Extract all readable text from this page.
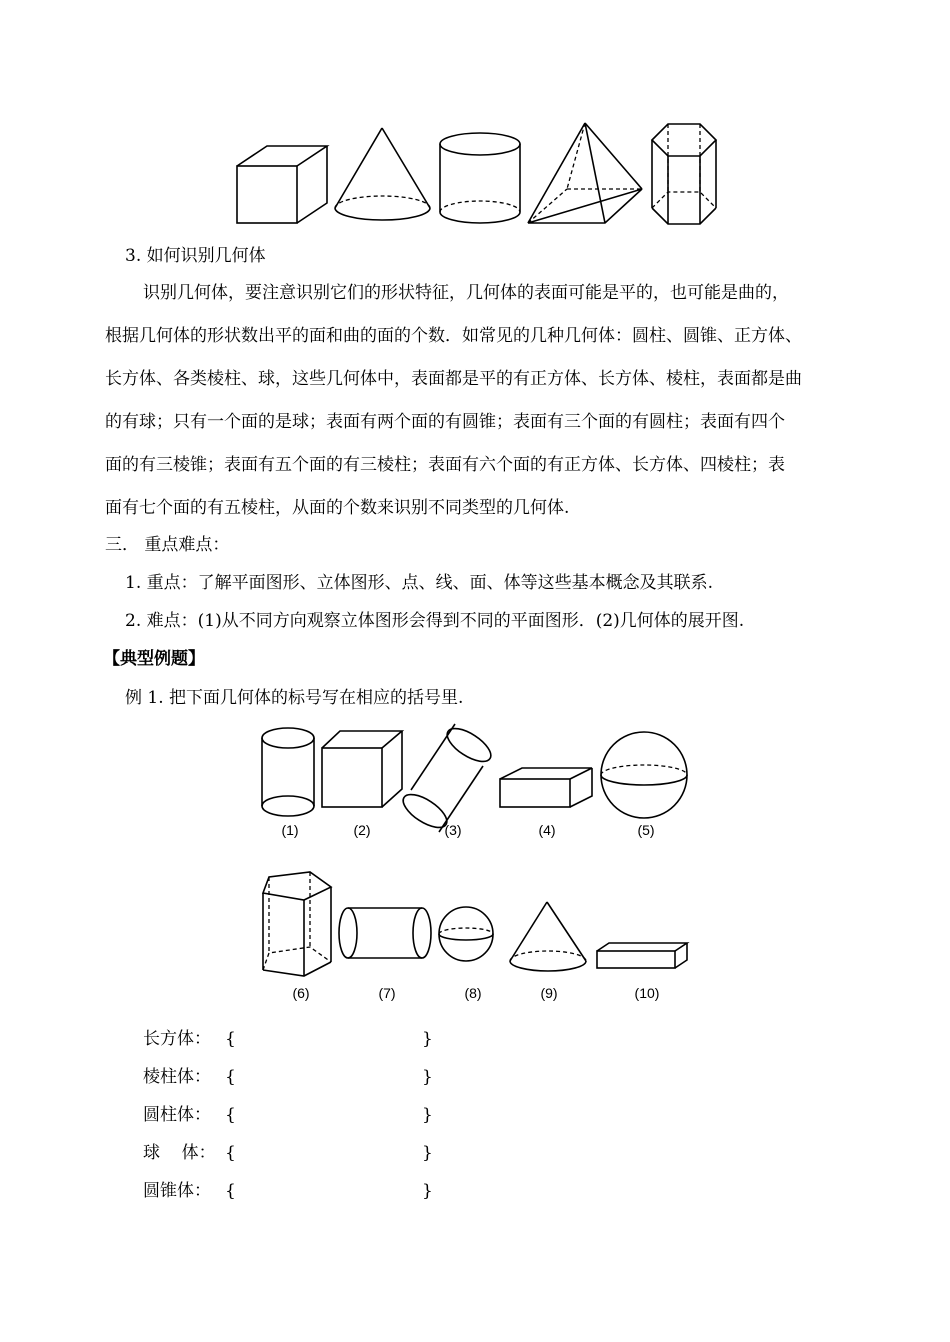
3. 如何识别几何体
识别几何体，要注意识别它们的形状特征，几何体的表面可能是平的，也可能是曲的，
根据几何体的形状数出平的面和曲的面的个数．如常见的几种几何体：圆柱、圆锥、正方体、
长方体、各类棱柱、球，这些几何体中，表面都是平的有正方体、长方体、棱柱，表面都是曲
的有球；只有一个面的是球；表面有两个面的有圆锥；表面有三个面的有圆柱；表面有四个
面的有三棱锥；表面有五个面的有三棱柱；表面有六个面的有正方体、长方体、四棱柱；表
面有七个面的有五棱柱，从面的个数来识别不同类型的几何体.
三． 重点难点：
1. 重点：了解平面图形、立体图形、点、线、面、体等这些基本概念及其联系.
2. 难点：(1)从不同方向观察立体图形会得到不同的平面图形．(2)几何体的展开图.
【典型例题】
例 1. 把下面几何体的标号写在相应的括号里.
(1)	(2)	(3)	(4)	(5)
(6)	(7)	(8)	(9)	(10)
长方体： {	}
棱柱体： {	}
圆柱体： {	}
球    体： {	}
圆锥体： {	}
